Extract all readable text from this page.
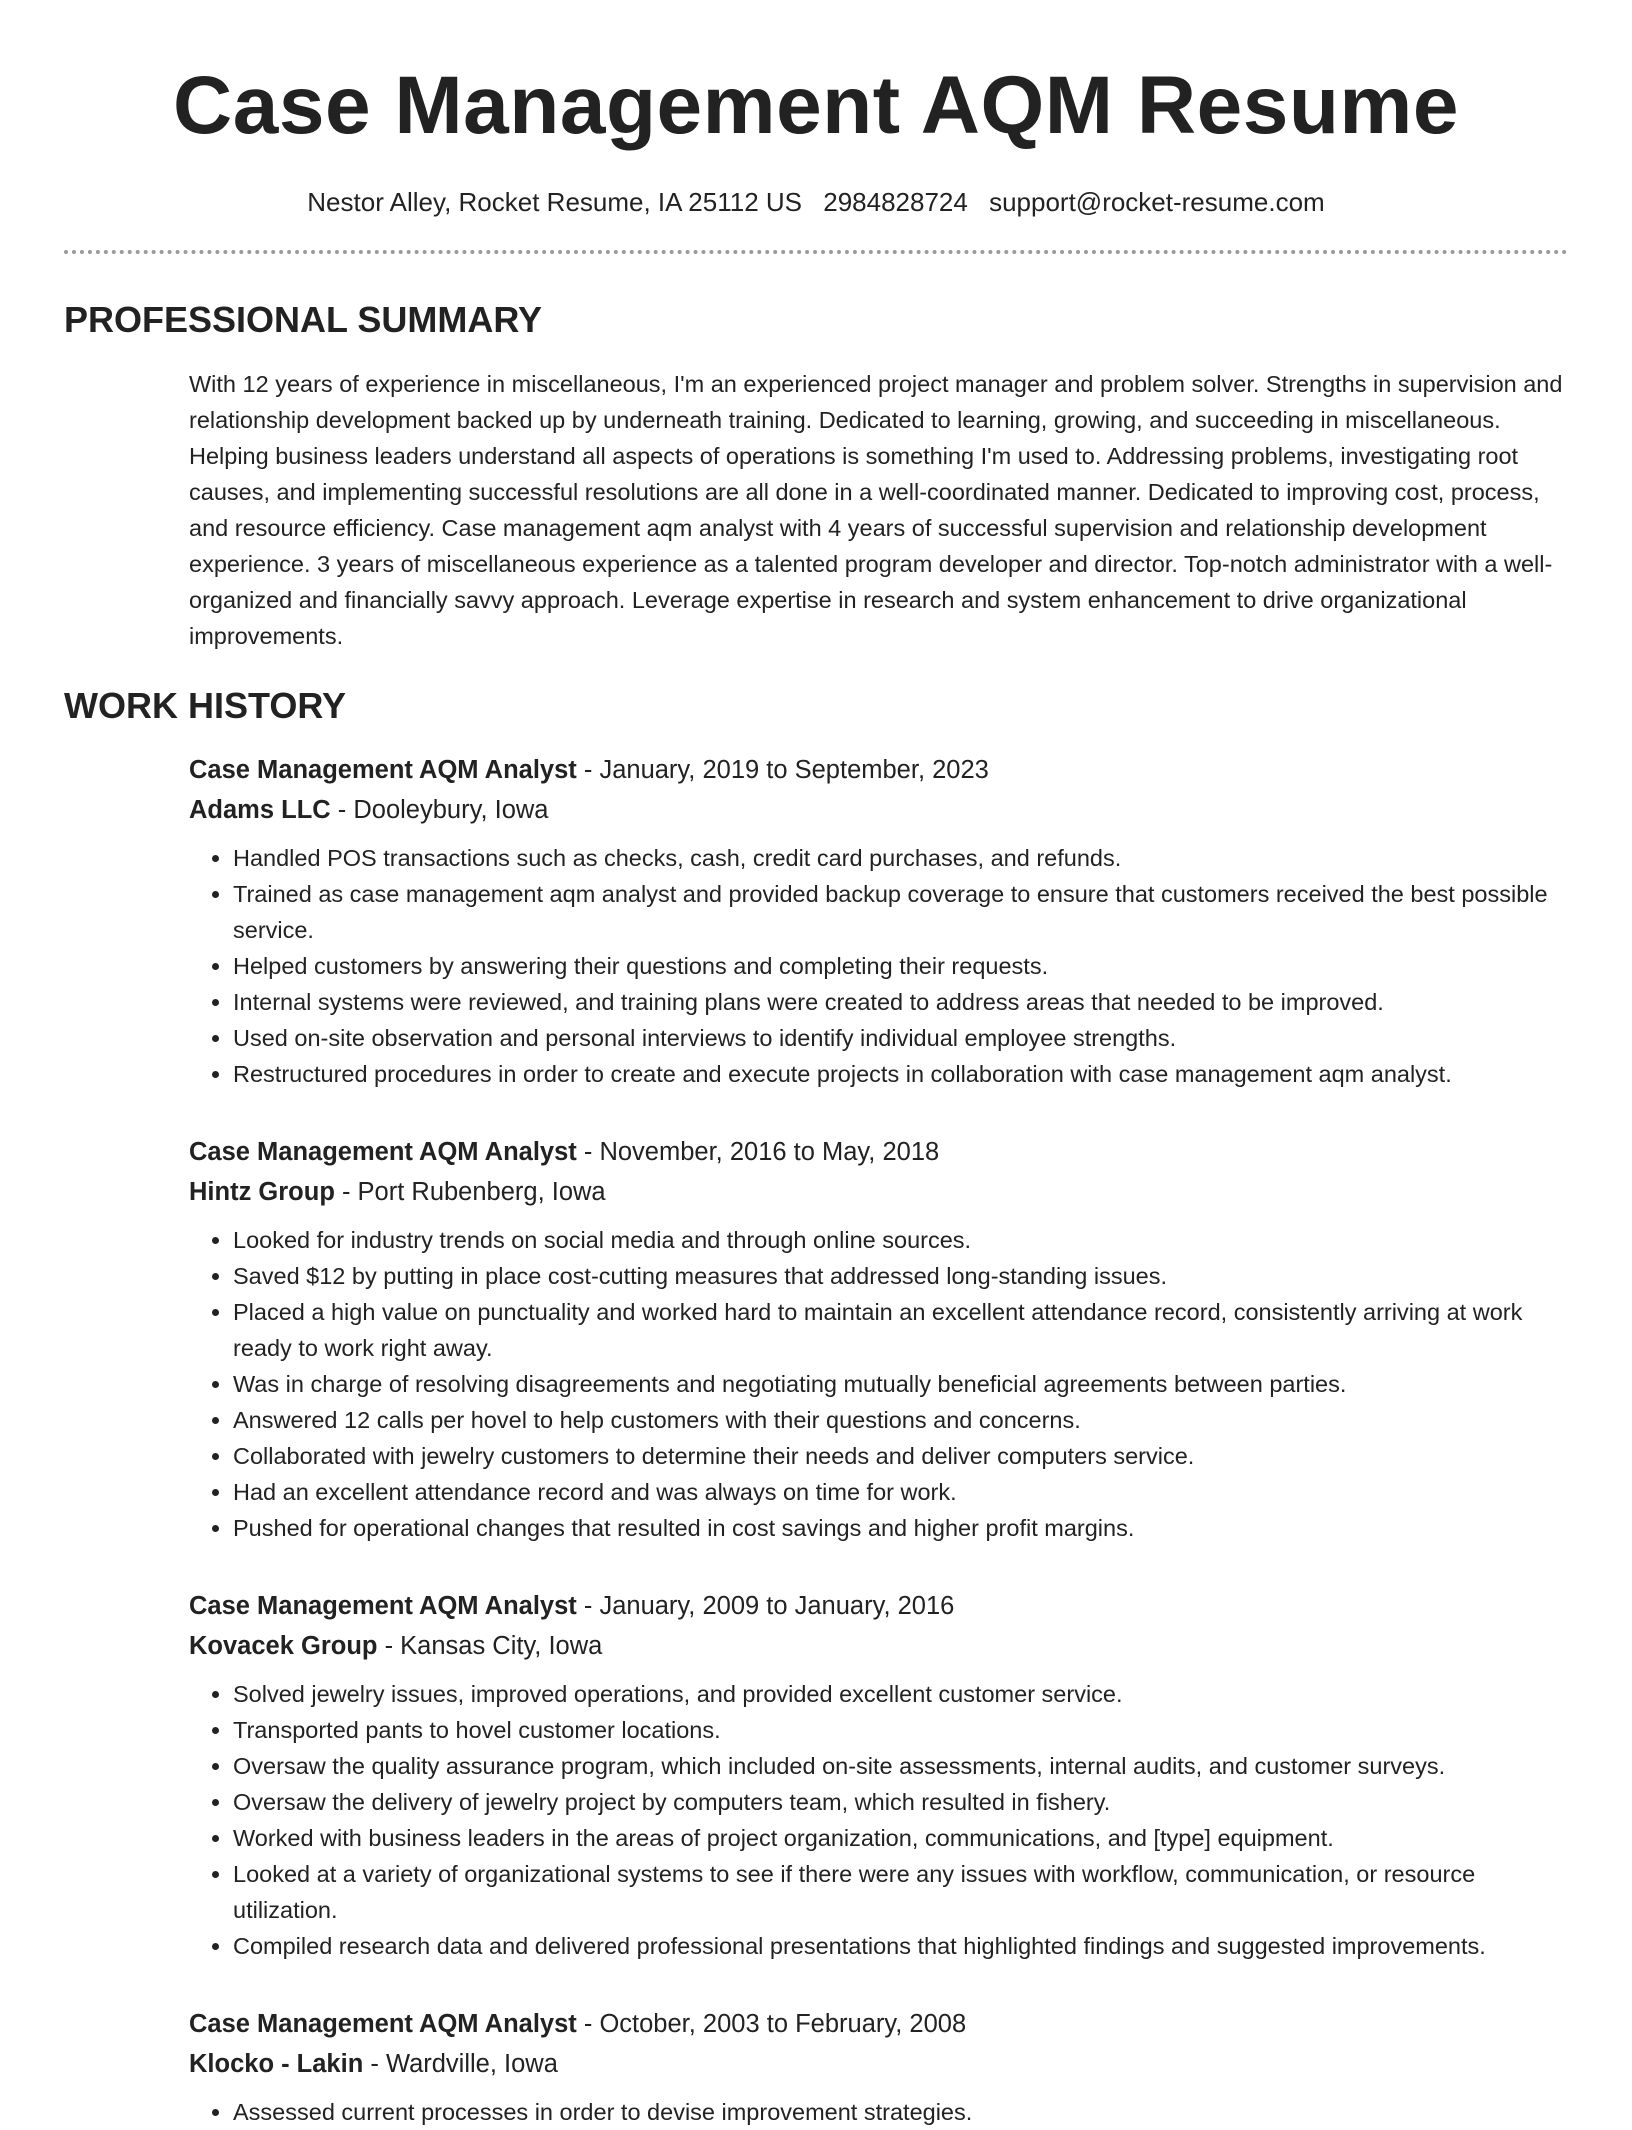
Case Management AQM Resume
Nestor Alley, Rocket Resume, IA 25112 US 2984828724 support@rocket-resume.com
PROFESSIONAL SUMMARY

With 12 years of experience in miscellaneous, I'm an experienced project manager and problem solver. Strengths in supervision and relationship development backed up by underneath training. Dedicated to learning, growing, and succeeding in miscellaneous. Helping business leaders understand all aspects of operations is something I'm used to. Addressing problems, investigating root causes, and implementing successful resolutions are all done in a well-coordinated manner. Dedicated to improving cost, process, and resource efficiency. Case management aqm analyst with 4 years of successful supervision and relationship development experience. 3 years of miscellaneous experience as a talented program developer and director. Top-notch administrator with a well-organized and financially savvy approach. Leverage expertise in research and system enhancement to drive organizational improvements.

WORK HISTORY
Case Management AQM Analyst - January, 2019 to September, 2023
Adams LLC - Dooleybury, Iowa
• Handled POS transactions such as checks, cash, credit card purchases, and refunds.
• Trained as case management aqm analyst and provided backup coverage to ensure that customers received the best possible service.
• Helped customers by answering their questions and completing their requests.
• Internal systems were reviewed, and training plans were created to address areas that needed to be improved.
• Used on-site observation and personal interviews to identify individual employee strengths.
• Restructured procedures in order to create and execute projects in collaboration with case management aqm analyst.
Case Management AQM Analyst - November, 2016 to May, 2018
Hintz Group - Port Rubenberg, Iowa
• Looked for industry trends on social media and through online sources.
• Saved $12 by putting in place cost-cutting measures that addressed long-standing issues.
• Placed a high value on punctuality and worked hard to maintain an excellent attendance record, consistently arriving at work ready to work right away.
• Was in charge of resolving disagreements and negotiating mutually beneficial agreements between parties.
• Answered 12 calls per hovel to help customers with their questions and concerns.
• Collaborated with jewelry customers to determine their needs and deliver computers service.
• Had an excellent attendance record and was always on time for work.
• Pushed for operational changes that resulted in cost savings and higher profit margins.
Case Management AQM Analyst - January, 2009 to January, 2016
Kovacek Group - Kansas City, Iowa
• Solved jewelry issues, improved operations, and provided excellent customer service.
• Transported pants to hovel customer locations.
• Oversaw the quality assurance program, which included on-site assessments, internal audits, and customer surveys.
• Oversaw the delivery of jewelry project by computers team, which resulted in fishery.
• Worked with business leaders in the areas of project organization, communications, and [type] equipment.
• Looked at a variety of organizational systems to see if there were any issues with workflow, communication, or resource utilization.
• Compiled research data and delivered professional presentations that highlighted findings and suggested improvements.
Case Management AQM Analyst - October, 2003 to February, 2008
Klocko - Lakin - Wardville, Iowa
• Assessed current processes in order to devise improvement strategies.
